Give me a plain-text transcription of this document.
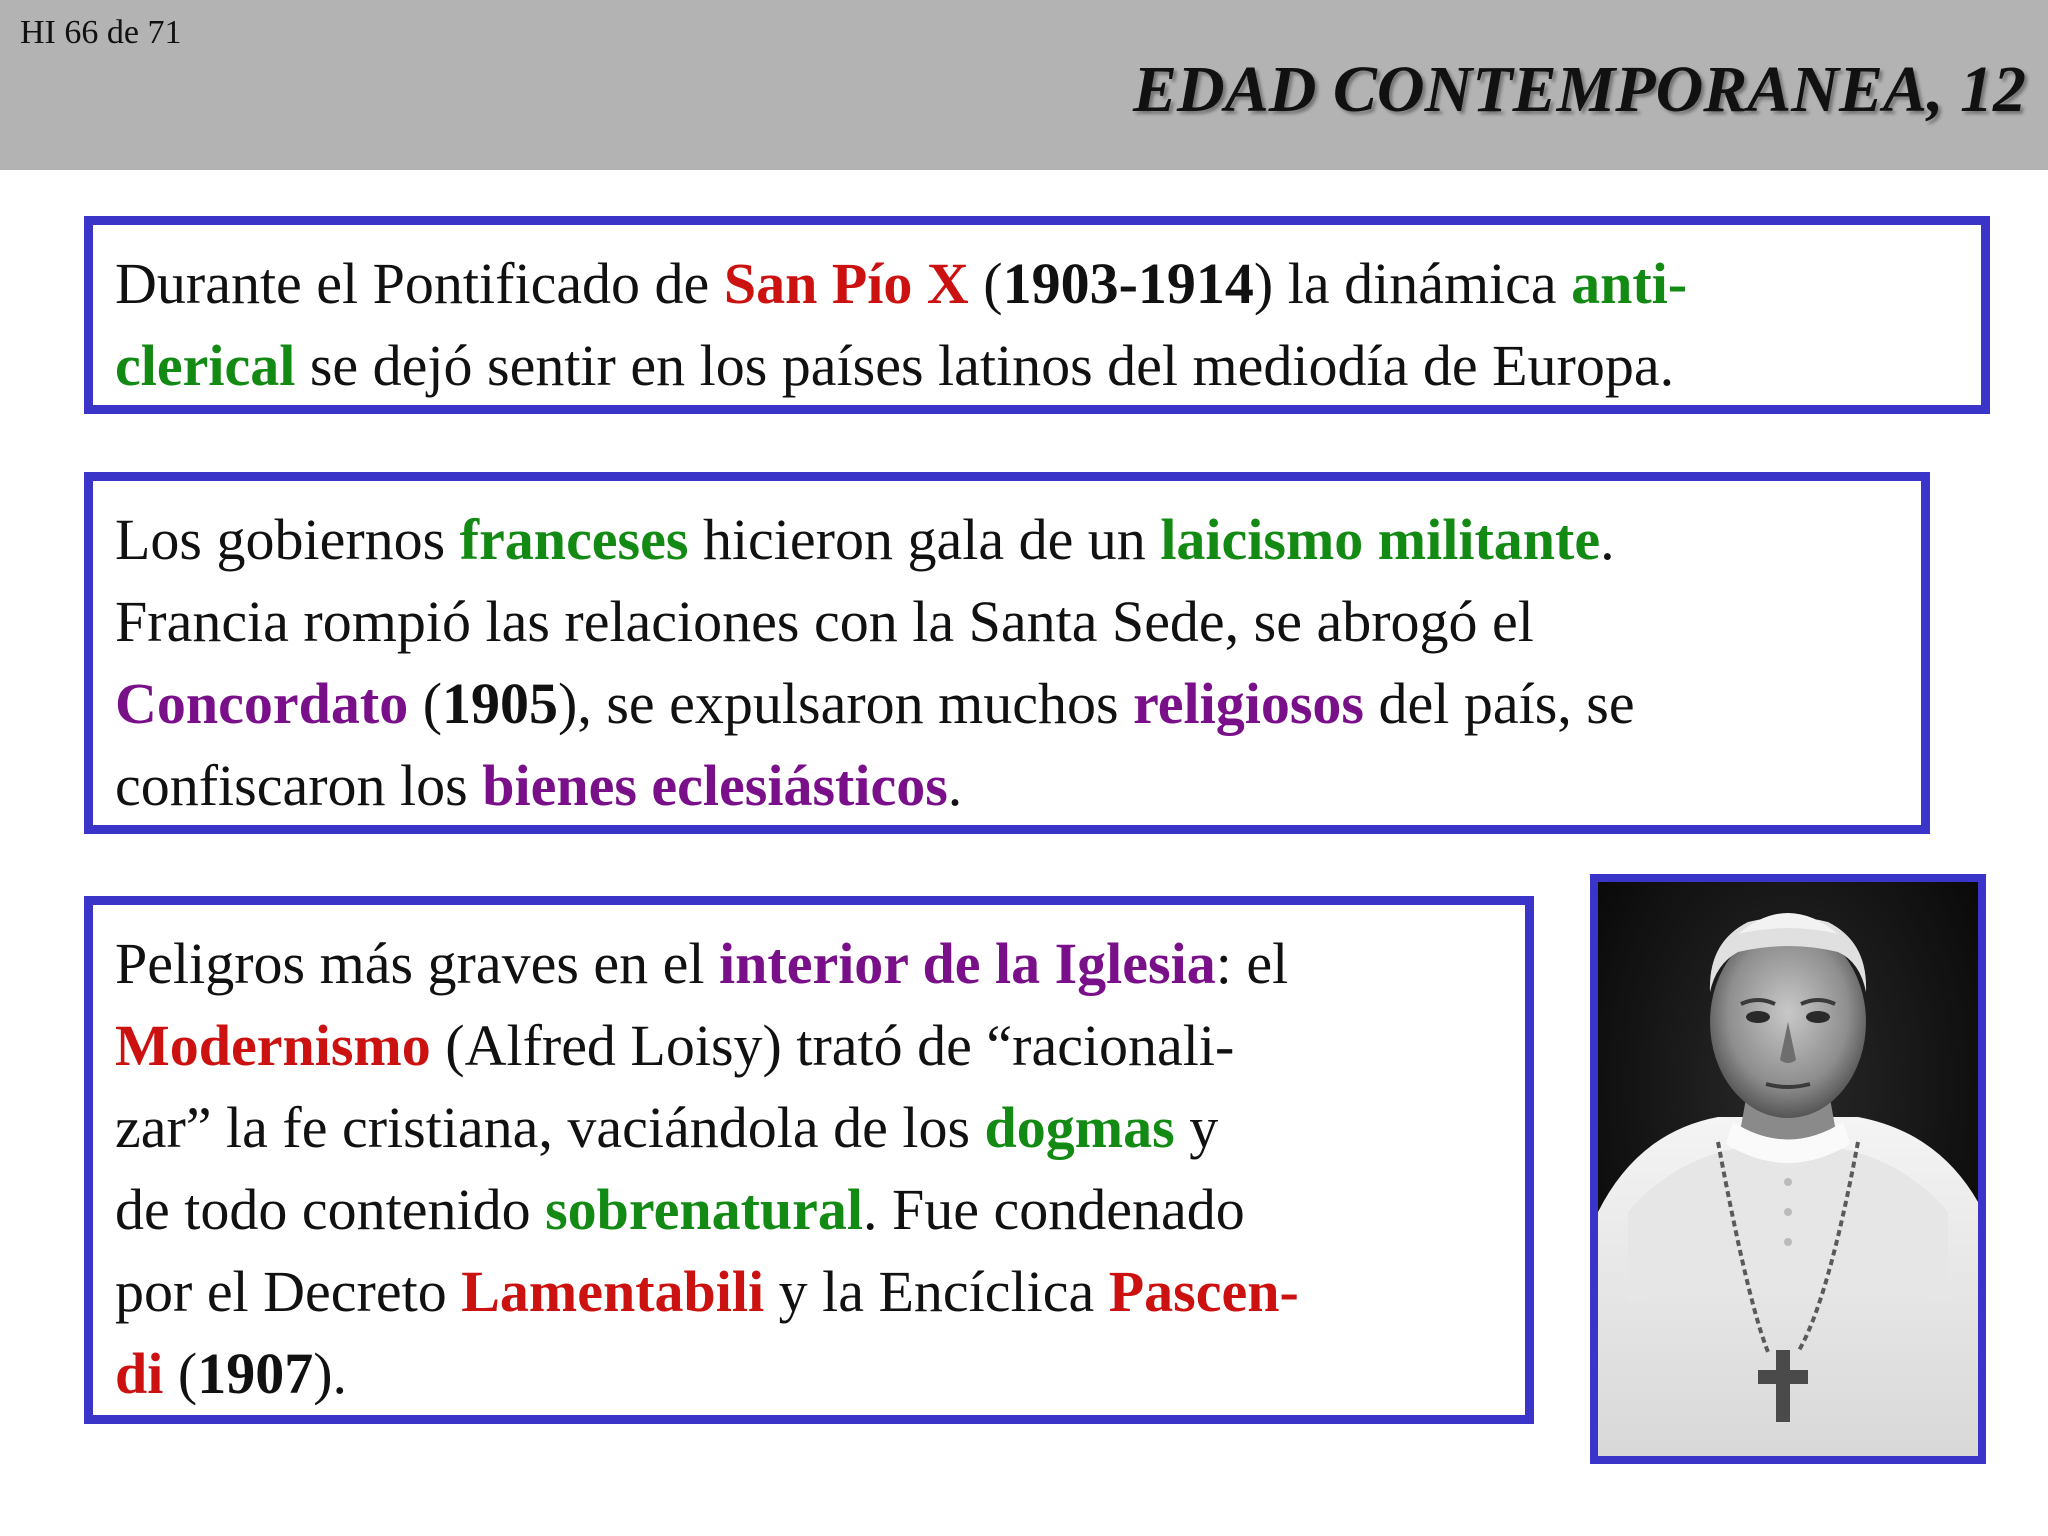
HI 66 de 71
EDAD CONTEMPORANEA, 12
Durante el Pontificado de San Pío X (1903-1914) la dinámica anti-
clerical se dejó sentir en los países latinos del mediodía de Europa.
Los gobiernos franceses hicieron gala de un laicismo militante.
Francia rompió las relaciones con la Santa Sede, se abrogó el
Concordato (1905), se expulsaron muchos religiosos del país, se
confiscaron los bienes eclesiásticos.
Peligros más graves en el interior de la Iglesia: el
Modernismo (Alfred Loisy) trató de “racionali-
zar” la fe cristiana, vaciándola de los dogmas y
de todo contenido sobrenatural. Fue condenado
por el Decreto Lamentabili y la Encíclica Pascen-
di (1907).
